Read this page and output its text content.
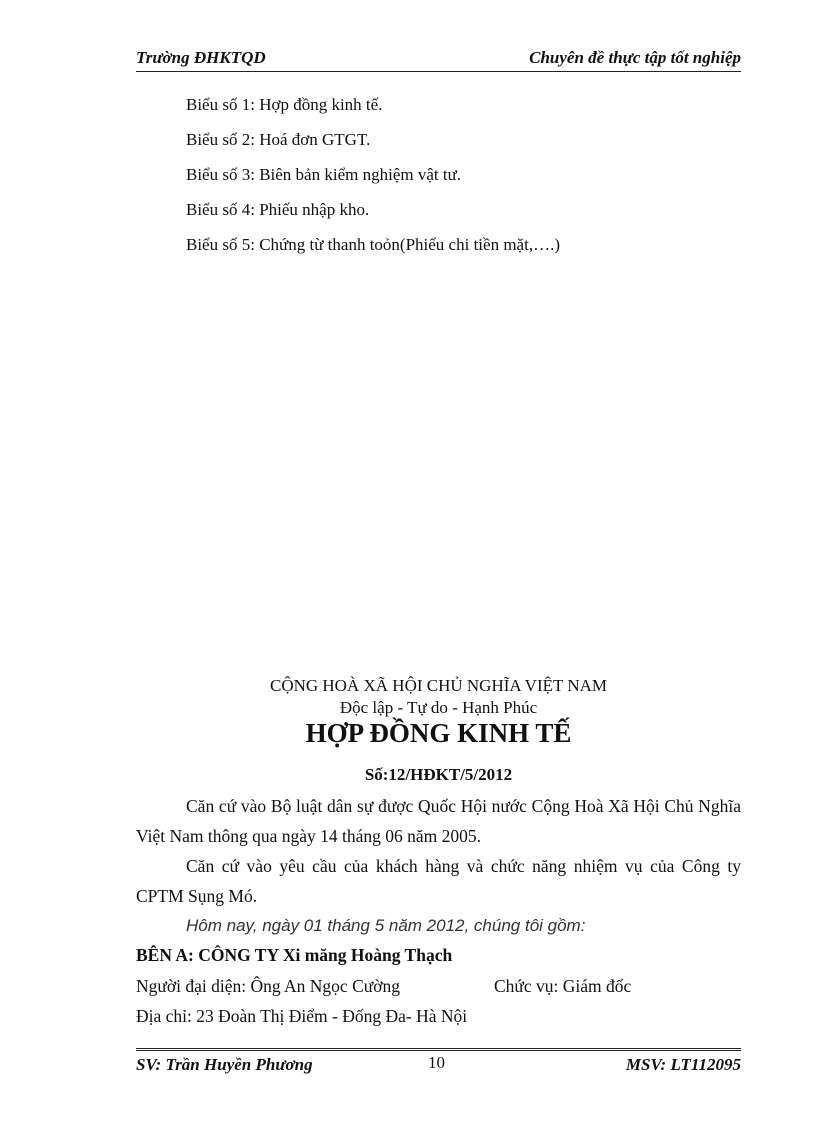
Trường ĐHKTQD	Chuyên đề thực tập tốt nghiệp
Biểu số 1: Hợp đồng kinh tế.
Biểu số 2: Hoá đơn GTGT.
Biểu số 3: Biên bản kiểm nghiệm vật tư.
Biểu số 4: Phiếu nhập kho.
Biểu số 5: Chứng từ thanh toỏn(Phiếu chi tiền mặt,….)
CỘNG HOÀ XÃ HỘI CHỦ NGHĨA VIỆT NAM
Độc lập - Tự do - Hạnh Phúc
HỢP ĐỒNG KINH TẾ
Số:12/HĐKT/5/2012
Căn cứ vào Bộ luật dân sự được Quốc Hội nước Cộng Hoà Xã Hội Chủ Nghĩa Việt Nam thông qua ngày 14 tháng 06 năm 2005.
Căn cứ vào yêu cầu của khách hàng và chức năng nhiệm vụ của Công ty CPTM Sụng Mó.
Hôm nay, ngày 01 tháng 5 năm 2012, chúng tôi gồm:
BÊN A: CÔNG TY Xi măng Hoàng Thạch
Người đại diện: Ông An Ngọc Cường	Chức vụ: Giám đốc
Địa chỉ: 23 Đoàn Thị Điểm - Đống Đa- Hà Nội
SV: Trần Huyền Phương	10	MSV: LT112095
